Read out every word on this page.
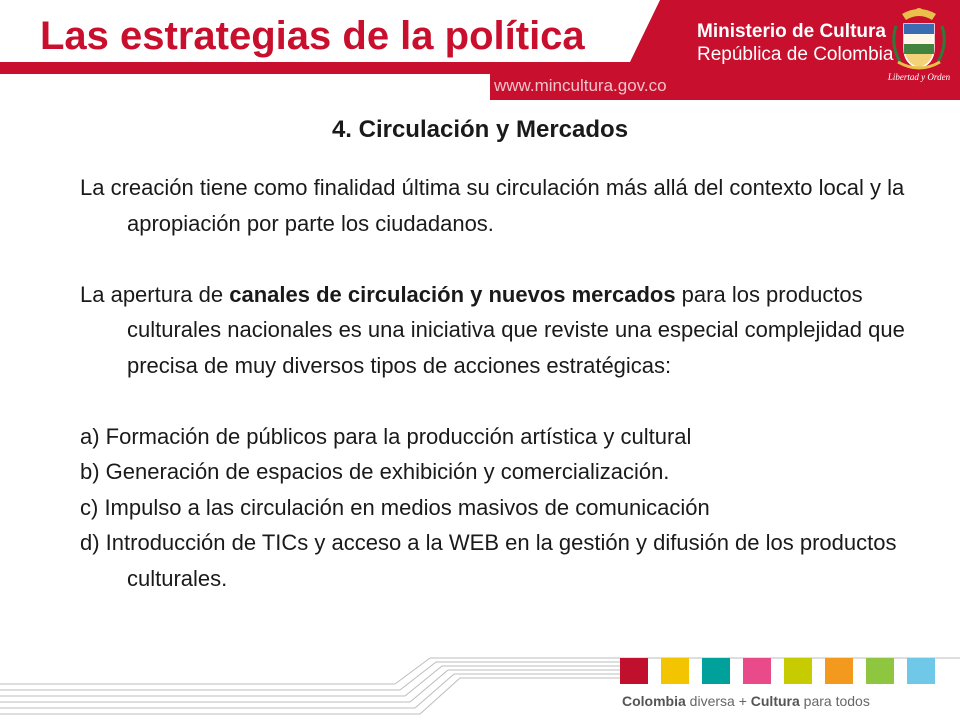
Las estrategias de la política
www.mincultura.gov.co
Ministerio de Cultura
República de Colombia
Libertad y Orden
4. Circulación y Mercados

La creación tiene como finalidad última su circulación más allá del contexto local y la apropiación por parte los ciudadanos.

La apertura de canales de circulación y nuevos mercados para los productos culturales nacionales es una iniciativa que reviste una especial complejidad que precisa de muy diversos tipos de acciones estratégicas:

a) Formación de públicos para la producción artística y cultural

b) Generación de espacios de exhibición y comercialización.

c) Impulso a las circulación en medios masivos de comunicación

d) Introducción de TICs y acceso a la WEB en la gestión y difusión de los productos culturales.

Colombia diversa + Cultura para todos
